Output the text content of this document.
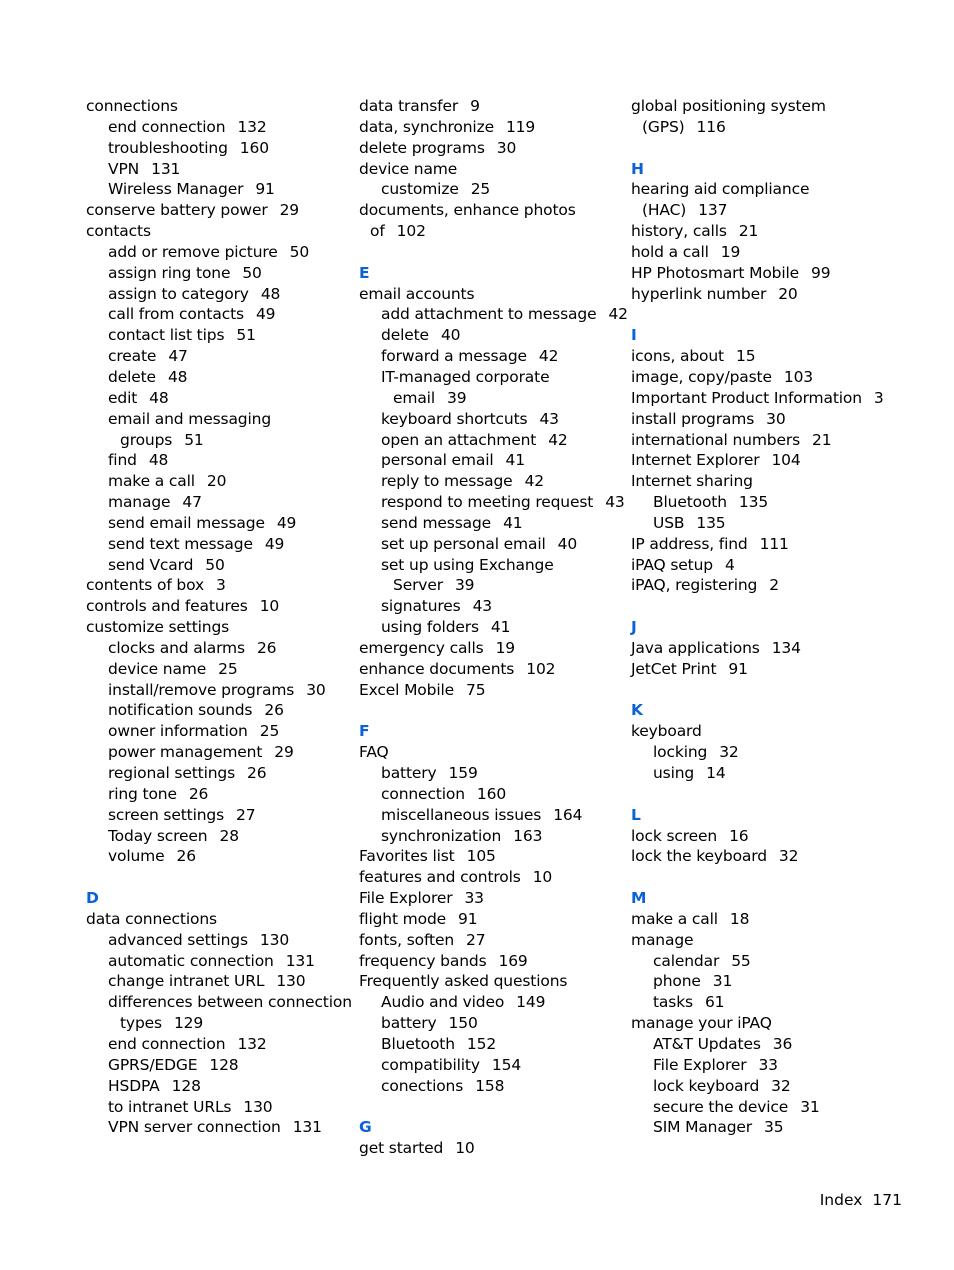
connections
end connection 132
troubleshooting 160
VPN 131
Wireless Manager 91
conserve battery power 29
contacts
add or remove picture 50
assign ring tone 50
assign to category 48
call from contacts 49
contact list tips 51
create 47
delete 48
edit 48
email and messaging
groups 51
find 48
make a call 20
manage 47
send email message 49
send text message 49
send Vcard 50
contents of box 3
controls and features 10
customize settings
clocks and alarms 26
device name 25
install/remove programs 30
notification sounds 26
owner information 25
power management 29
regional settings 26
ring tone 26
screen settings 27
Today screen 28
volume 26
D
data connections
advanced settings 130
automatic connection 131
change intranet URL 130
differences between connection
types 129
end connection 132
GPRS/EDGE 128
HSDPA 128
to intranet URLs 130
VPN server connection 131
data transfer 9
data, synchronize 119
delete programs 30
device name
customize 25
documents, enhance photos
of 102
E
email accounts
add attachment to message 42
delete 40
forward a message 42
IT-managed corporate
email 39
keyboard shortcuts 43
open an attachment 42
personal email 41
reply to message 42
respond to meeting request 43
send message 41
set up personal email 40
set up using Exchange
Server 39
signatures 43
using folders 41
emergency calls 19
enhance documents 102
Excel Mobile 75
F
FAQ
battery 159
connection 160
miscellaneous issues 164
synchronization 163
Favorites list 105
features and controls 10
File Explorer 33
flight mode 91
fonts, soften 27
frequency bands 169
Frequently asked questions
Audio and video 149
battery 150
Bluetooth 152
compatibility 154
conections 158
G
get started 10
global positioning system
(GPS) 116
H
hearing aid compliance
(HAC) 137
history, calls 21
hold a call 19
HP Photosmart Mobile 99
hyperlink number 20
I
icons, about 15
image, copy/paste 103
Important Product Information 3
install programs 30
international numbers 21
Internet Explorer 104
Internet sharing
Bluetooth 135
USB 135
IP address, find 111
iPAQ setup 4
iPAQ, registering 2
J
Java applications 134
JetCet Print 91
K
keyboard
locking 32
using 14
L
lock screen 16
lock the keyboard 32
M
make a call 18
manage
calendar 55
phone 31
tasks 61
manage your iPAQ
AT&T Updates 36
File Explorer 33
lock keyboard 32
secure the device 31
SIM Manager 35
Index 171
